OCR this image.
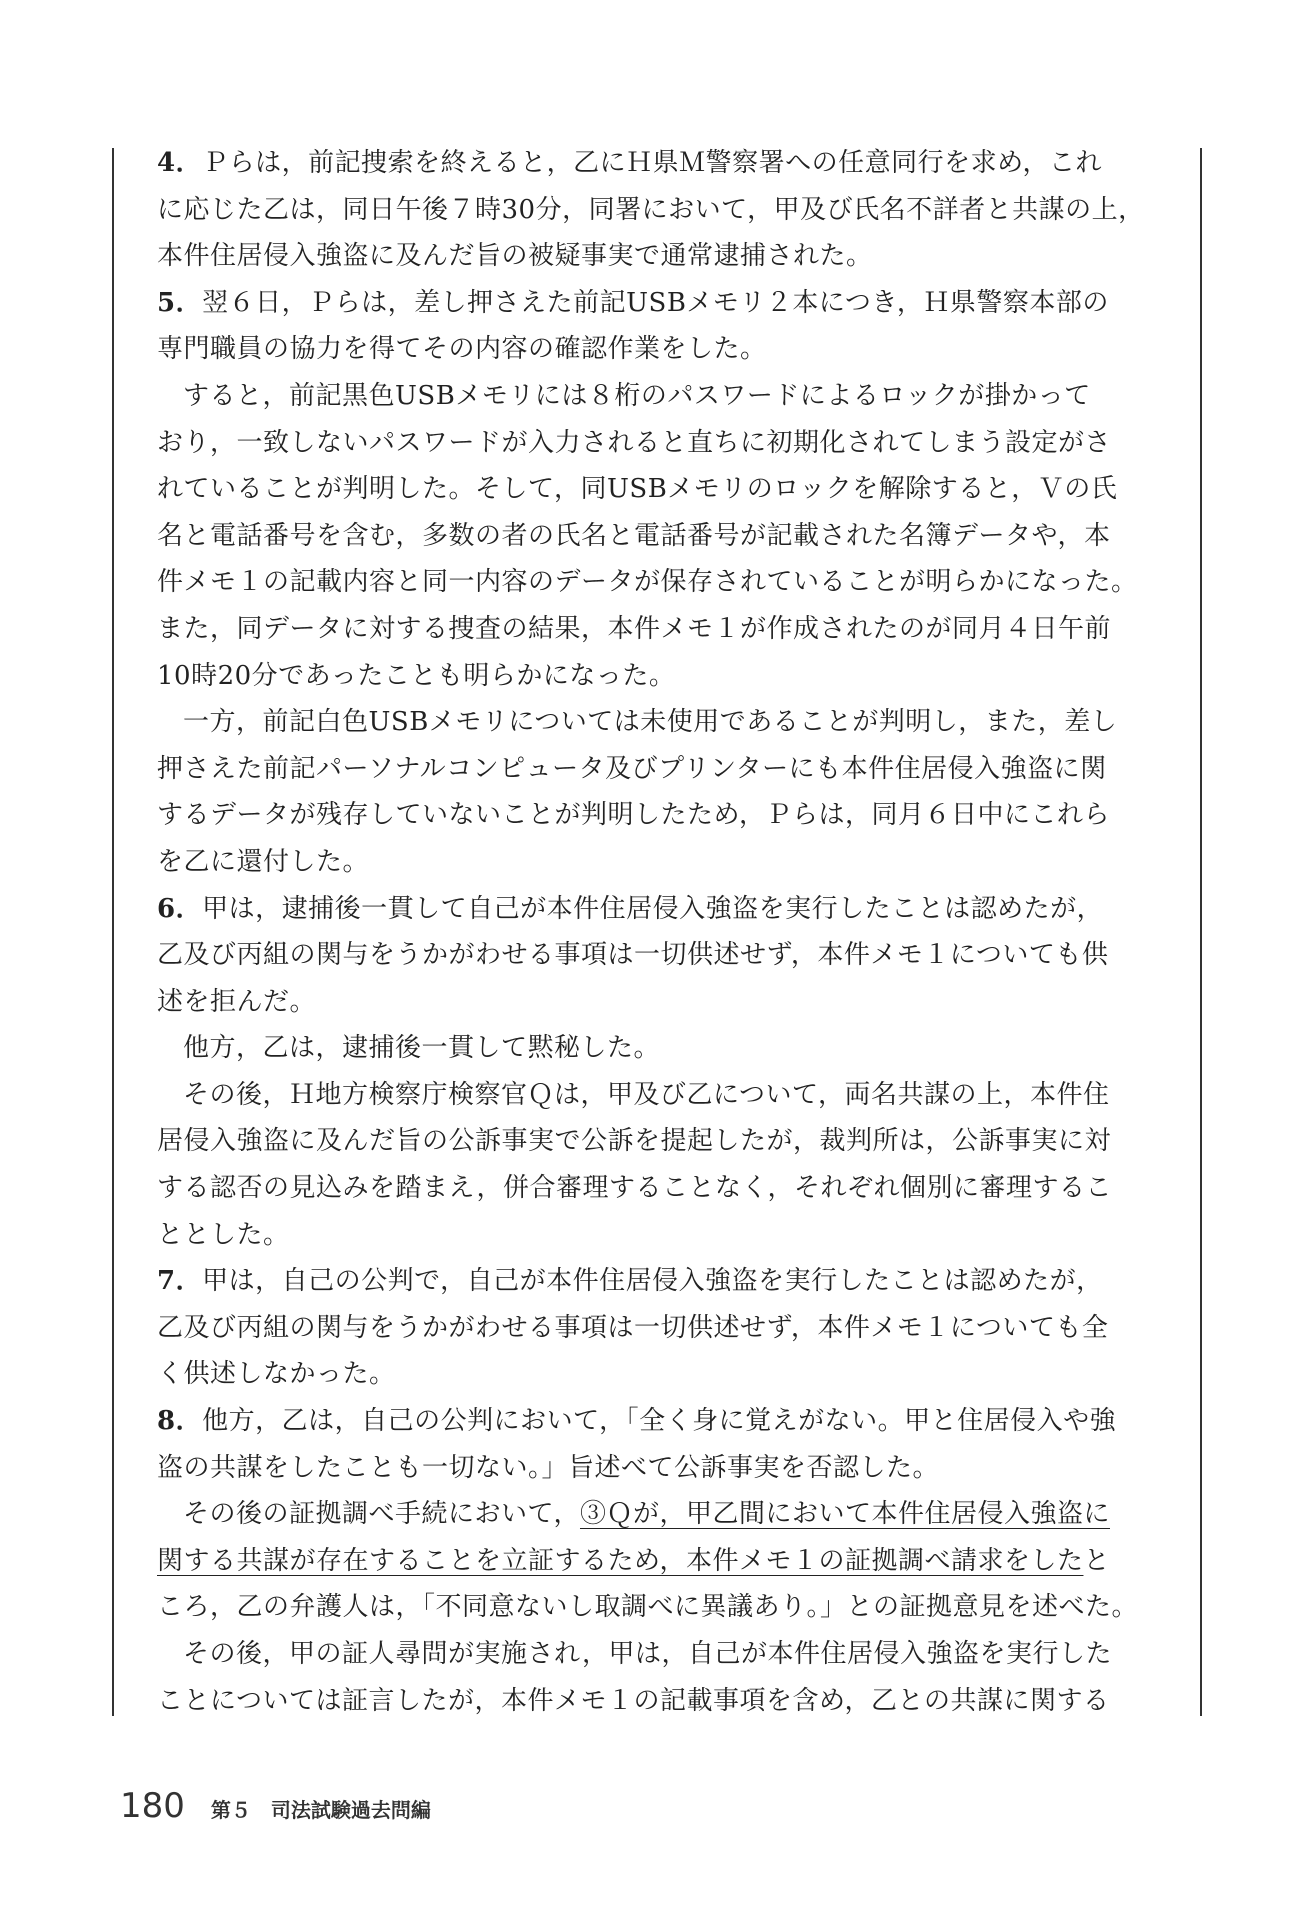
4．Ｐらは，前記捜索を終えると，乙にＨ県Ｍ警察署への任意同行を求め，これ
に応じた乙は，同日午後７時30分，同署において，甲及び氏名不詳者と共謀の上，
本件住居侵入強盗に及んだ旨の被疑事実で通常逮捕された。
5．翌６日，Ｐらは，差し押さえた前記USBメモリ２本につき，Ｈ県警察本部の
専門職員の協力を得てその内容の確認作業をした。
すると，前記黒色USBメモリには８桁のパスワードによるロックが掛かって
おり，一致しないパスワードが入力されると直ちに初期化されてしまう設定がさ
れていることが判明した。そして，同USBメモリのロックを解除すると，Ｖの氏
名と電話番号を含む，多数の者の氏名と電話番号が記載された名簿データや，本
件メモ１の記載内容と同一内容のデータが保存されていることが明らかになった。
また，同データに対する捜査の結果，本件メモ１が作成されたのが同月４日午前
10時20分であったことも明らかになった。
一方，前記白色USBメモリについては未使用であることが判明し，また，差し
押さえた前記パーソナルコンピュータ及びプリンターにも本件住居侵入強盗に関
するデータが残存していないことが判明したため，Ｐらは，同月６日中にこれら
を乙に還付した。
6．甲は，逮捕後一貫して自己が本件住居侵入強盗を実行したことは認めたが，
乙及び丙組の関与をうかがわせる事項は一切供述せず，本件メモ１についても供
述を拒んだ。
他方，乙は，逮捕後一貫して黙秘した。
その後，Ｈ地方検察庁検察官Ｑは，甲及び乙について，両名共謀の上，本件住
居侵入強盗に及んだ旨の公訴事実で公訴を提起したが，裁判所は，公訴事実に対
する認否の見込みを踏まえ，併合審理することなく，それぞれ個別に審理するこ
ととした。
7．甲は，自己の公判で，自己が本件住居侵入強盗を実行したことは認めたが，
乙及び丙組の関与をうかがわせる事項は一切供述せず，本件メモ１についても全
く供述しなかった。
8．他方，乙は，自己の公判において，「全く身に覚えがない。甲と住居侵入や強
盗の共謀をしたことも一切ない。」旨述べて公訴事実を否認した。
その後の証拠調べ手続において，③Ｑが，甲乙間において本件住居侵入強盗に
関する共謀が存在することを立証するため，本件メモ１の証拠調べ請求をしたと
ころ，乙の弁護人は，「不同意ないし取調べに異議あり。」との証拠意見を述べた。
その後，甲の証人尋問が実施され，甲は，自己が本件住居侵入強盗を実行した
ことについては証言したが，本件メモ１の記載事項を含め，乙との共謀に関する
180 第５　司法試験過去問編
